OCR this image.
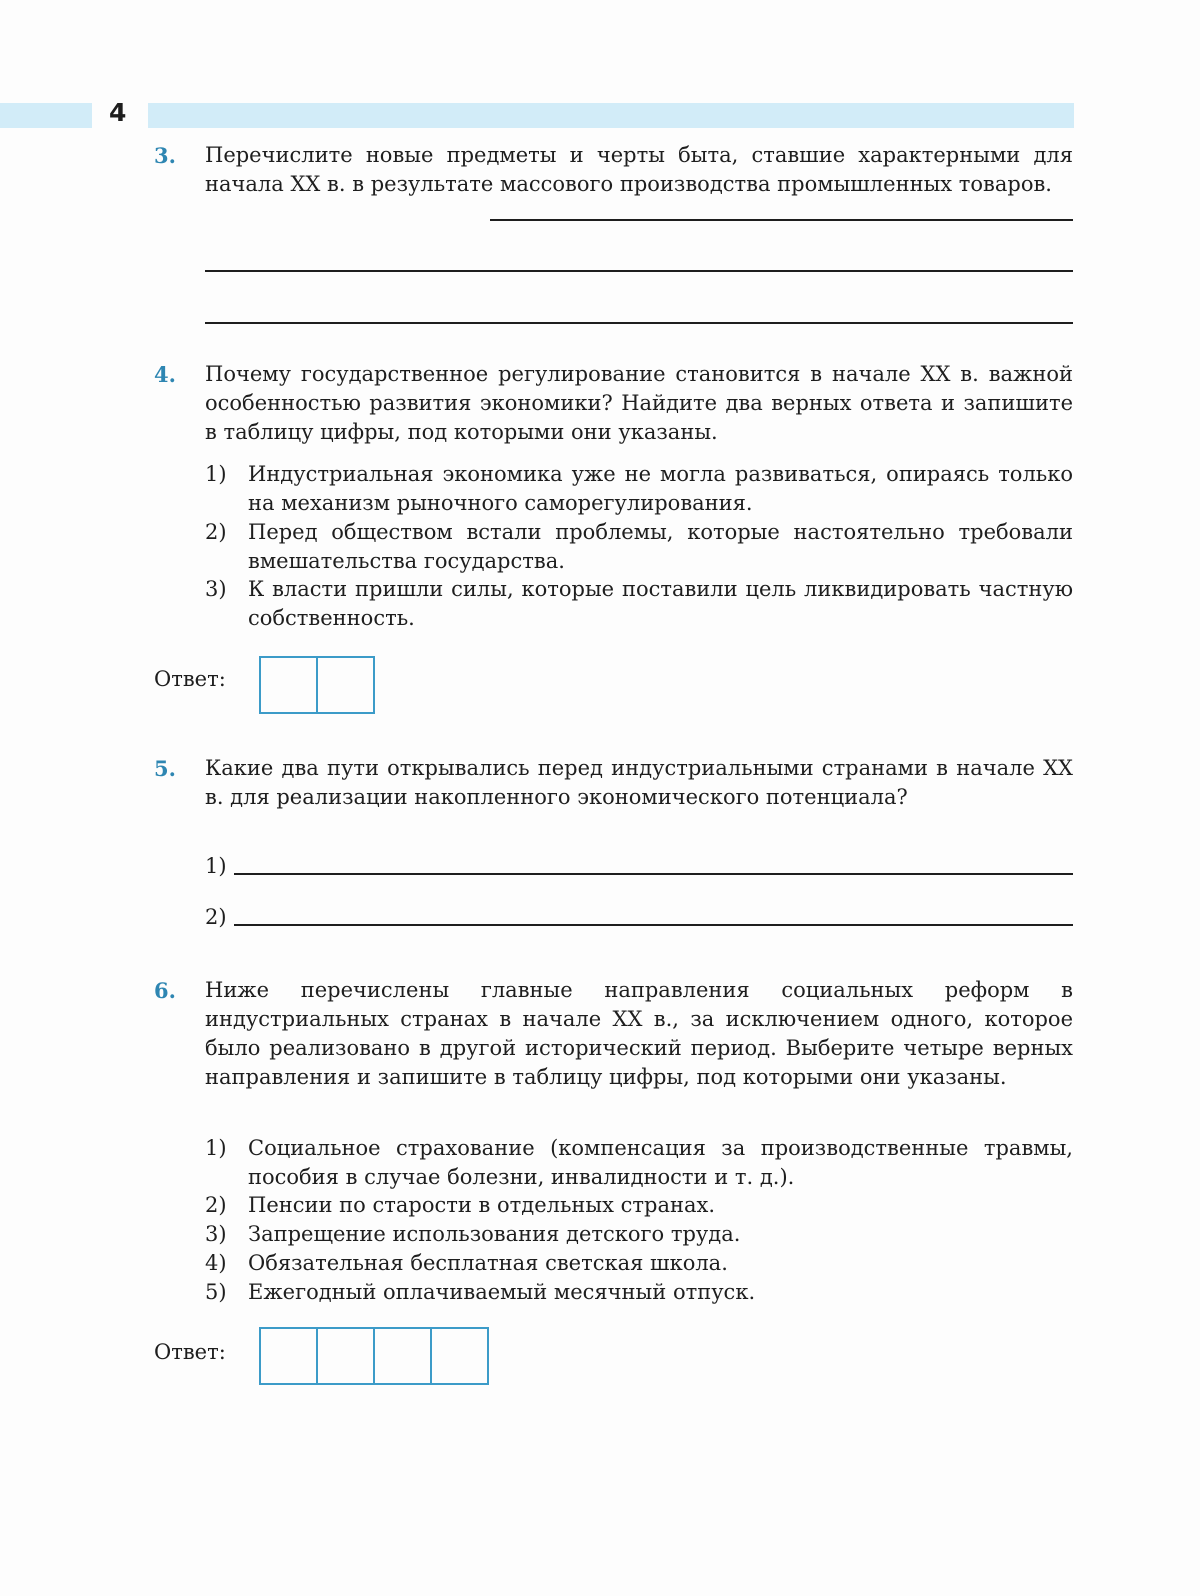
4
3. Перечислите новые предметы и черты быта, ставшие характерными для начала XX в. в результате массового производства промышленных товаров.
4. Почему государственное регулирование становится в начале XX в. важной особенностью развития экономики? Найдите два верных ответа и запишите в таблицу цифры, под которыми они указаны.
1) Индустриальная экономика уже не могла развиваться, опираясь только на механизм рыночного саморегулирования.
2) Перед обществом встали проблемы, которые настоятельно требовали вмешательства государства.
3) К власти пришли силы, которые поставили цель ликвидировать частную собственность.
Ответ:
5. Какие два пути открывались перед индустриальными странами в начале XX в. для реализации накопленного экономического потенциала?
1)
2)
6. Ниже перечислены главные направления социальных реформ в индустриальных странах в начале XX в., за исключением одного, которое было реализовано в другой исторический период. Выберите четыре верных направления и запишите в таблицу цифры, под которыми они указаны.
1) Социальное страхование (компенсация за производственные травмы, пособия в случае болезни, инвалидности и т. д.).
2) Пенсии по старости в отдельных странах.
3) Запрещение использования детского труда.
4) Обязательная бесплатная светская школа.
5) Ежегодный оплачиваемый месячный отпуск.
Ответ:
